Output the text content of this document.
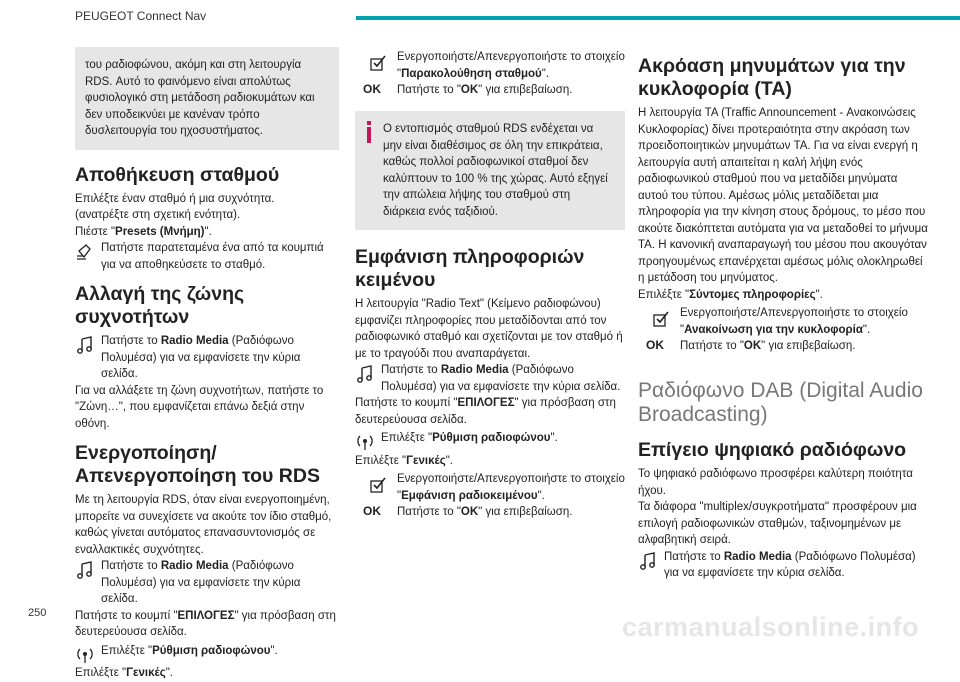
PEUGEOT Connect Nav
του ραδιοφώνου, ακόμη και στη λειτουργία RDS. Αυτό το φαινόμενο είναι απολύτως φυσιολογικό στη μετάδοση ραδιοκυμάτων και δεν υποδεικνύει με κανέναν τρόπο δυσλειτουργία του ηχοσυστήματος.
Αποθήκευση σταθμού
Επιλέξτε έναν σταθμό ή μια συχνότητα.
(ανατρέξτε στη σχετική ενότητα).
Πιέστε "Presets (Μνήμη)".
Πατήστε παρατεταμένα ένα από τα κουμπιά για να αποθηκεύσετε το σταθμό.
Αλλαγή της ζώνης συχνοτήτων
Πατήστε το Radio Media (Ραδιόφωνο Πολυμέσα) για να εμφανίσετε την κύρια σελίδα.
Για να αλλάξετε τη ζώνη συχνοτήτων, πατήστε το "Ζώνη…", που εμφανίζεται επάνω δεξιά στην οθόνη.
Ενεργοποίηση/ Απενεργοποίηση του RDS
Με τη λειτουργία RDS, όταν είναι ενεργοποιημένη, μπορείτε να συνεχίσετε να ακούτε τον ίδιο σταθμό, καθώς γίνεται αυτόματος επανασυντονισμός σε εναλλακτικές συχνότητες.
Πατήστε το Radio Media (Ραδιόφωνο Πολυμέσα) για να εμφανίσετε την κύρια σελίδα.
Πατήστε το κουμπί "ΕΠΙΛΟΓΕΣ" για πρόσβαση στη δευτερεύουσα σελίδα.
Επιλέξτε "Ρύθμιση ραδιοφώνου".
Επιλέξτε "Γενικές".
OK
Ενεργοποιήστε/Απενεργοποιήστε το στοιχείο "Παρακολούθηση σταθμού".
Πατήστε το "OK" για επιβεβαίωση.
Ο εντοπισμός σταθμού RDS ενδέχεται να μην είναι διαθέσιμος σε όλη την επικράτεια, καθώς πολλοί ραδιοφωνικοί σταθμοί δεν καλύπτουν το 100 % της χώρας. Αυτό εξηγεί την απώλεια λήψης του σταθμού στη διάρκεια ενός ταξιδιού.
Εμφάνιση πληροφοριών κειμένου
Η λειτουργία "Radio Text" (Κείμενο ραδιοφώνου) εμφανίζει πληροφορίες που μεταδίδονται από τον ραδιοφωνικό σταθμό και σχετίζονται με τον σταθμό ή με το τραγούδι που αναπαράγεται.
Πατήστε το Radio Media (Ραδιόφωνο Πολυμέσα) για να εμφανίσετε την κύρια σελίδα.
Πατήστε το κουμπί "ΕΠΙΛΟΓΕΣ" για πρόσβαση στη δευτερεύουσα σελίδα.
Επιλέξτε "Ρύθμιση ραδιοφώνου".
Επιλέξτε "Γενικές".
OK
Ενεργοποιήστε/Απενεργοποιήστε το στοιχείο "Εμφάνιση ραδιοκειμένου".
Πατήστε το "OK" για επιβεβαίωση.
Ακρόαση μηνυμάτων για την κυκλοφορία (TA)
Η λειτουργία TA (Traffic Announcement - Ανακοινώσεις Κυκλοφορίας) δίνει προτεραιότητα στην ακρόαση των προειδοποιητικών μηνυμάτων TA. Για να είναι ενεργή η λειτουργία αυτή απαιτείται η καλή λήψη ενός ραδιοφωνικού σταθμού που να μεταδίδει μηνύματα αυτού του τύπου. Αμέσως μόλις μεταδίδεται μια πληροφορία για την κίνηση στους δρόμους, το μέσο που ακούτε διακόπτεται αυτόματα για να μεταδοθεί το μήνυμα TA. Η κανονική αναπαραγωγή του μέσου που ακουγόταν προηγουμένως επανέρχεται αμέσως μόλις ολοκληρωθεί η μετάδοση του μηνύματος.
Επιλέξτε "Σύντομες πληροφορίες".
OK
Ενεργοποιήστε/Απενεργοποιήστε το στοιχείο "Ανακοίνωση για την κυκλοφορία".
Πατήστε το "OK" για επιβεβαίωση.
Ραδιόφωνο DAB (Digital Audio Broadcasting)
Επίγειο ψηφιακό ραδιόφωνο
Το ψηφιακό ραδιόφωνο προσφέρει καλύτερη ποιότητα ήχου.
Τα διάφορα "multiplex/συγκροτήματα" προσφέρουν μια επιλογή ραδιοφωνικών σταθμών, ταξινομημένων με αλφαβητική σειρά.
Πατήστε το Radio Media (Ραδιόφωνο Πολυμέσα) για να εμφανίσετε την κύρια σελίδα.
250	carmanualsonline.info
